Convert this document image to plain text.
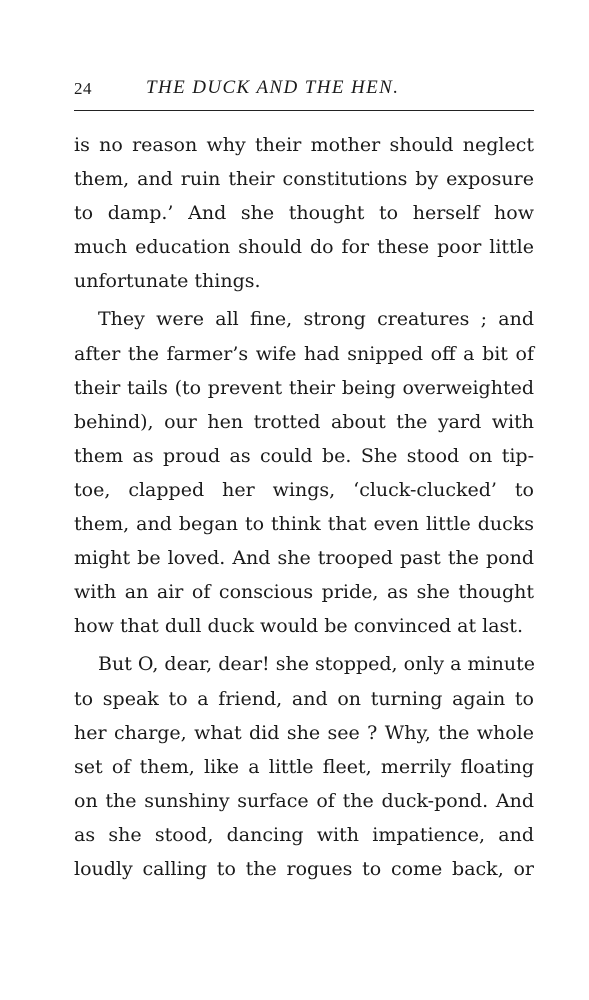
24	THE DUCK AND THE HEN.
is no reason why their mother should neglect
them, and ruin their constitutions by exposure
to damp.’ And she thought to herself how
much education should do for these poor little
unfortunate things.
They were all fine, strong creatures ; and
after the farmer’s wife had snipped off a bit of
their tails (to prevent their being overweighted
behind), our hen trotted about the yard with
them as proud as could be. She stood on tip-
toe, clapped her wings, ‘cluck-clucked’ to
them, and began to think that even little ducks
might be loved. And she trooped past the pond
with an air of conscious pride, as she thought
how that dull duck would be convinced at last.
But O, dear, dear! she stopped, only a minute
to speak to a friend, and on turning again to
her charge, what did she see ? Why, the whole
set of them, like a little fleet, merrily floating
on the sunshiny surface of the duck-pond. And
as she stood, dancing with impatience, and
loudly calling to the rogues to come back, or
